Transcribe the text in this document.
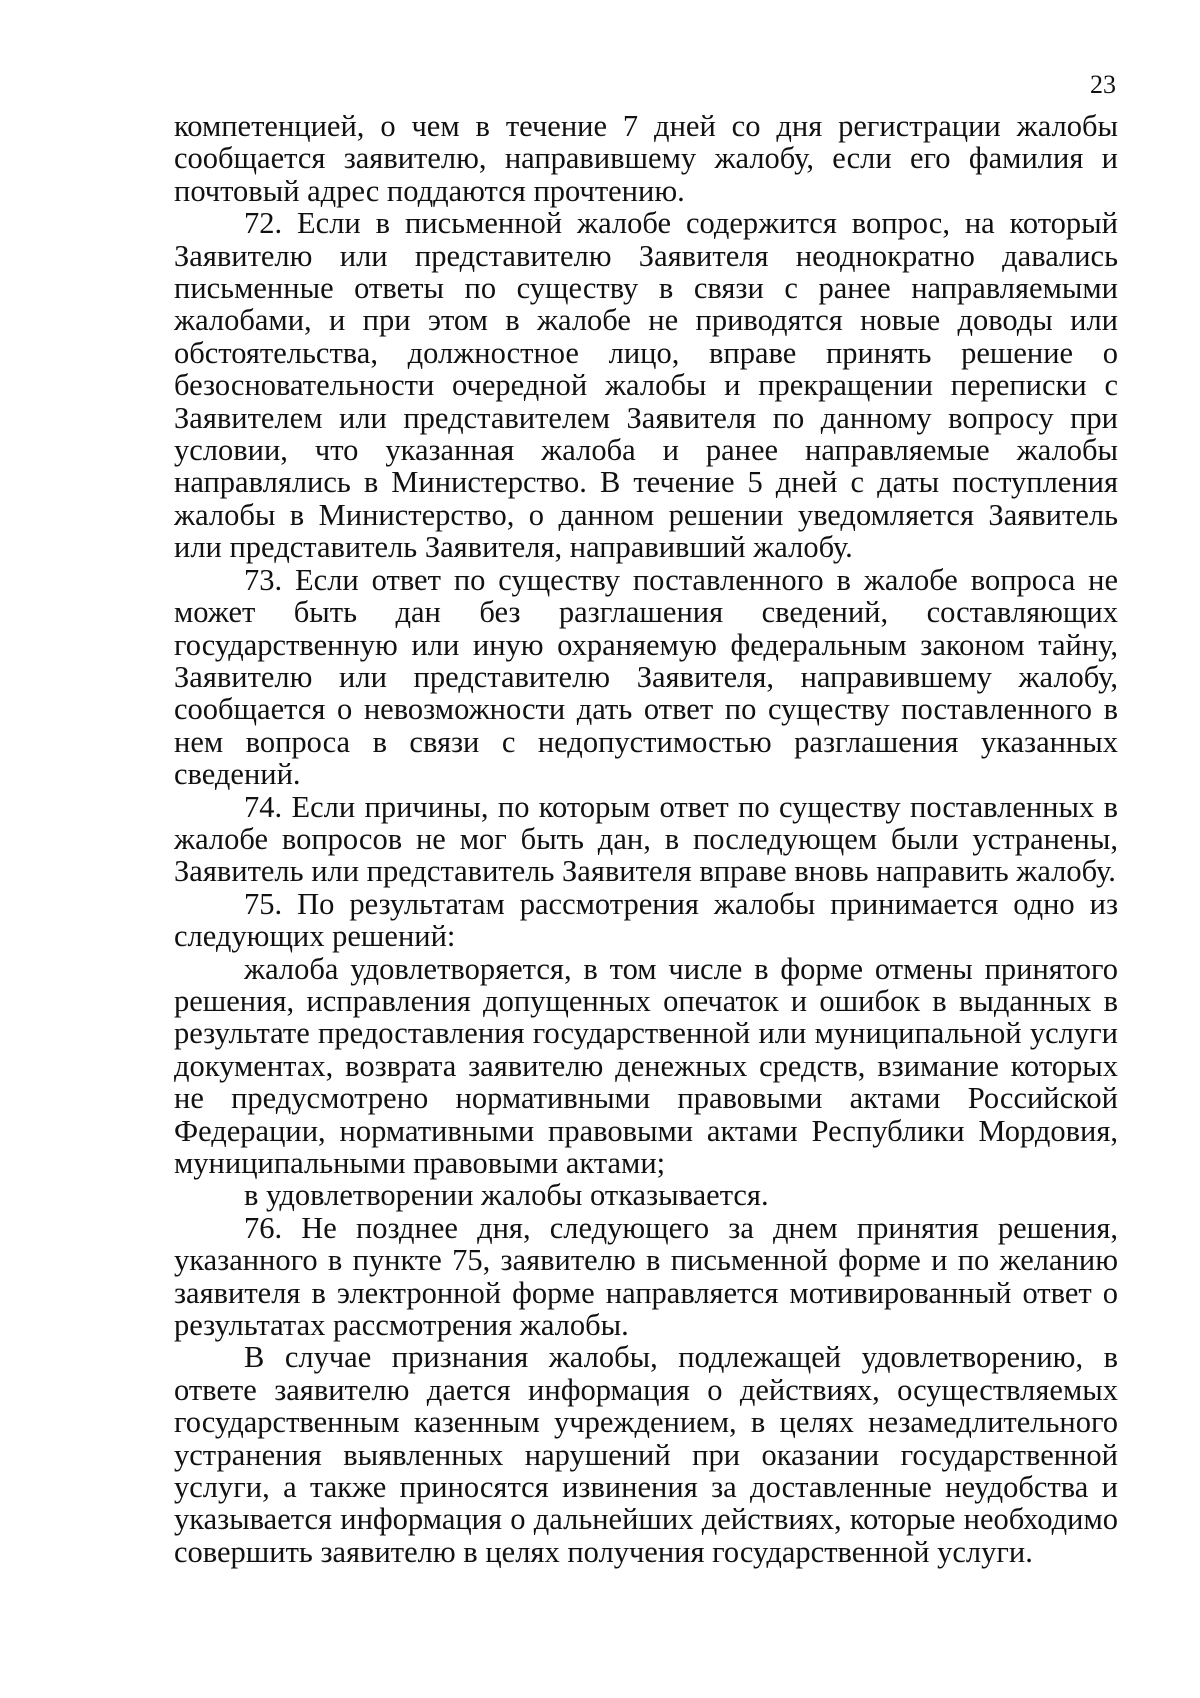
23

компетенцией, о чем в течение 7 дней со дня регистрации жалобы сообщается заявителю, направившему жалобу, если его фамилия и почтовый адрес поддаются прочтению.

72. Если в письменной жалобе содержится вопрос, на который Заявителю или представителю Заявителя неоднократно давались письменные ответы по существу в связи с ранее направляемыми жалобами, и при этом в жалобе не приводятся новые доводы или обстоятельства, должностное лицо, вправе принять решение о безосновательности очередной жалобы и прекращении переписки с Заявителем или представителем Заявителя по данному вопросу при условии, что указанная жалоба и ранее направляемые жалобы направлялись в Министерство. В течение 5 дней с даты поступления жалобы в Министерство, о данном решении уведомляется Заявитель или представитель Заявителя, направивший жалобу.

73. Если ответ по существу поставленного в жалобе вопроса не может быть дан без разглашения сведений, составляющих государственную или иную охраняемую федеральным законом тайну, Заявителю или представителю Заявителя, направившему жалобу, сообщается о невозможности дать ответ по существу поставленного в нем вопроса в связи с недопустимостью разглашения указанных сведений.

74. Если причины, по которым ответ по существу поставленных в жалобе вопросов не мог быть дан, в последующем были устранены, Заявитель или представитель Заявителя вправе вновь направить жалобу.

75. По результатам рассмотрения жалобы принимается одно из следующих решений:

жалоба удовлетворяется, в том числе в форме отмены принятого решения, исправления допущенных опечаток и ошибок в выданных в результате предоставления государственной или муниципальной услуги документах, возврата заявителю денежных средств, взимание которых не предусмотрено нормативными правовыми актами Российской Федерации, нормативными правовыми актами Республики Мордовия, муниципальными правовыми актами;

в удовлетворении жалобы отказывается.

76. Не позднее дня, следующего за днем принятия решения, указанного в пункте 75, заявителю в письменной форме и по желанию заявителя в электронной форме направляется мотивированный ответ о результатах рассмотрения жалобы.

В случае признания жалобы, подлежащей удовлетворению, в ответе заявителю дается информация о действиях, осуществляемых государственным казенным учреждением, в целях незамедлительного устранения выявленных нарушений при оказании государственной услуги, а также приносятся извинения за доставленные неудобства и указывается информация о дальнейших действиях, которые необходимо совершить заявителю в целях получения государственной услуги.
